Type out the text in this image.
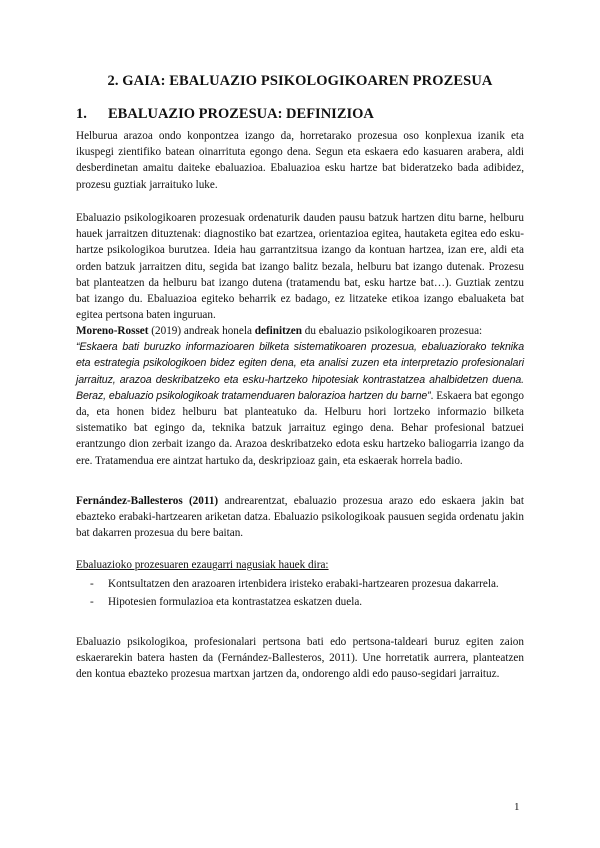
2. GAIA: EBALUAZIO PSIKOLOGIKOAREN PROZESUA
1. EBALUAZIO PROZESUA: DEFINIZIOA

Helburua arazoa ondo konpontzea izango da, horretarako prozesua oso konplexua izanik eta ikuspegi zientifiko batean oinarrituta egongo dena. Segun eta eskaera edo kasuaren arabera, aldi desberdinetan amaitu daiteke ebaluazioa. Ebaluazioa esku hartze bat bideratzeko bada adibidez, prozesu guztiak jarraituko luke.

Ebaluazio psikologikoaren prozesuak ordenaturik dauden pausu batzuk hartzen ditu barne, helburu hauek jarraitzen dituztenak: diagnostiko bat ezartzea, orientazioa egitea, hautaketa egitea edo esku-hartze psikologikoa burutzea. Ideia hau garrantzitsua izango da kontuan hartzea, izan ere, aldi eta orden batzuk jarraitzen ditu, segida bat izango balitz bezala, helburu bat izango dutenak. Prozesu bat planteatzen da helburu bat izango dutena (tratamendu bat, esku hartze bat…). Guztiak zentzu bat izango du. Ebaluazioa egiteko beharrik ez badago, ez litzateke etikoa izango ebaluaketa bat egitea pertsona baten inguruan.

Moreno-Rosset (2019) andreak honela definitzen du ebaluazio psikologikoaren prozesua:
“Eskaera bati buruzko informazioaren bilketa sistematikoaren prozesua, ebaluaziorako teknika eta estrategia psikologikoen bidez egiten dena, eta analisi zuzen eta interpretazio profesionalari jarraituz, arazoa deskribatzeko eta esku-hartzeko hipotesiak kontrastatzea ahalbidetzen duena. Beraz, ebaluazio psikologikoak tratamenduaren balorazioa hartzen du barne”. Eskaera bat egongo da, eta honen bidez helburu bat planteatuko da. Helburu hori lortzeko informazio bilketa sistematiko bat egingo da, teknika batzuk jarraituz egingo dena. Behar profesional batzuei erantzungo dion zerbait izango da. Arazoa deskribatzeko edota esku hartzeko baliogarria izango da ere. Tratamendua ere aintzat hartuko da, deskripzioaz gain, eta eskaerak horrela badio.

Fernández-Ballesteros (2011) andrearentzat, ebaluazio prozesua arazo edo eskaera jakin bat ebazteko erabaki-hartzearen ariketan datza. Ebaluazio psikologikoak pausuen segida ordenatu jakin bat dakarren prozesua du bere baitan.

Ebaluazioko prozesuaren ezaugarri nagusiak hauek dira:
- Kontsultatzen den arazoaren irtenbidera iristeko erabaki-hartzearen prozesua dakarrela.
- Hipotesien formulazioa eta kontrastatzea eskatzen duela.

Ebaluazio psikologikoa, profesionalari pertsona bati edo pertsona-taldeari buruz egiten zaion eskaerarekin batera hasten da (Fernández-Ballesteros, 2011). Une horretatik aurrera, planteatzen den kontua ebazteko prozesua martxan jartzen da, ondorengo aldi edo pauso-segidari jarraituz.

1
